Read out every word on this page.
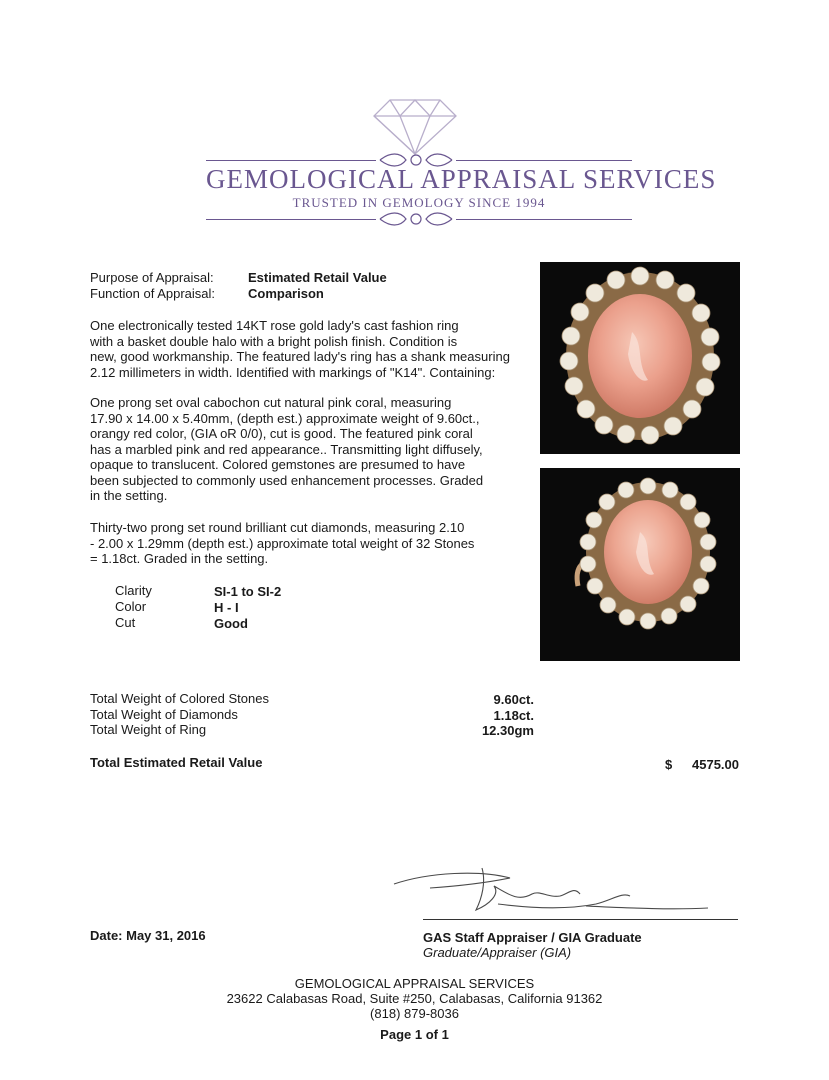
GEMOLOGICAL APPRAISAL SERVICES
TRUSTED IN GEMOLOGY SINCE 1994
Purpose of Appraisal:	Estimated Retail Value
Function of Appraisal:	Comparison
One electronically tested 14KT rose gold lady's cast fashion ring
with a basket double halo with a bright polish finish. Condition is
new, good workmanship. The featured lady's ring has a shank measuring
2.12 millimeters in width. Identified with markings of "K14". Containing:
One prong set oval cabochon cut natural pink coral, measuring
17.90 x 14.00 x 5.40mm, (depth est.) approximate weight of 9.60ct.,
orangy red color, (GIA oR 0/0), cut is good. The featured pink coral
has a marbled pink and red appearance.. Transmitting light diffusely,
opaque to translucent. Colored gemstones are presumed to have
been subjected to commonly used enhancement processes. Graded
in the setting.
Thirty-two prong set round brilliant cut diamonds, measuring 2.10
- 2.00 x 1.29mm (depth est.) approximate total weight of 32 Stones
= 1.18ct. Graded in the setting.
Clarity	SI-1 to SI-2
Color	H - I
Cut	Good
Total Weight of Colored Stones	9.60ct.
Total Weight of Diamonds	1.18ct.
Total Weight of Ring	12.30gm
Total Estimated Retail Value	$	4575.00
Date: May 31, 2016	GAS Staff Appraiser / GIA Graduate
Graduate/Appraiser (GIA)
GEMOLOGICAL APPRAISAL SERVICES
23622 Calabasas Road, Suite #250, Calabasas, California 91362
(818) 879-8036
Page 1 of 1
